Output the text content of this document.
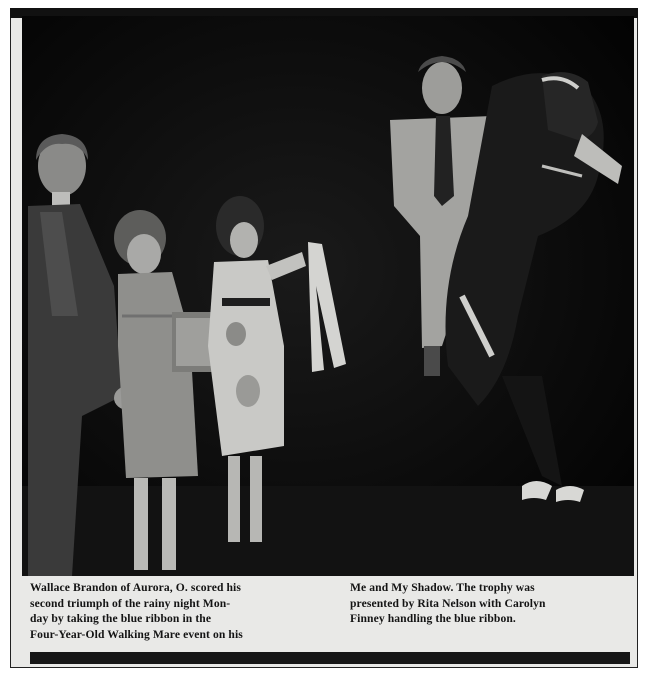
Wallace Brandon of Aurora, O. scored his
second triumph of the rainy night Mon-
day by taking the blue ribbon in the
Four-Year-Old Walking Mare event on his
Me and My Shadow. The trophy was
presented by Rita Nelson with Carolyn
Finney handling the blue ribbon.
